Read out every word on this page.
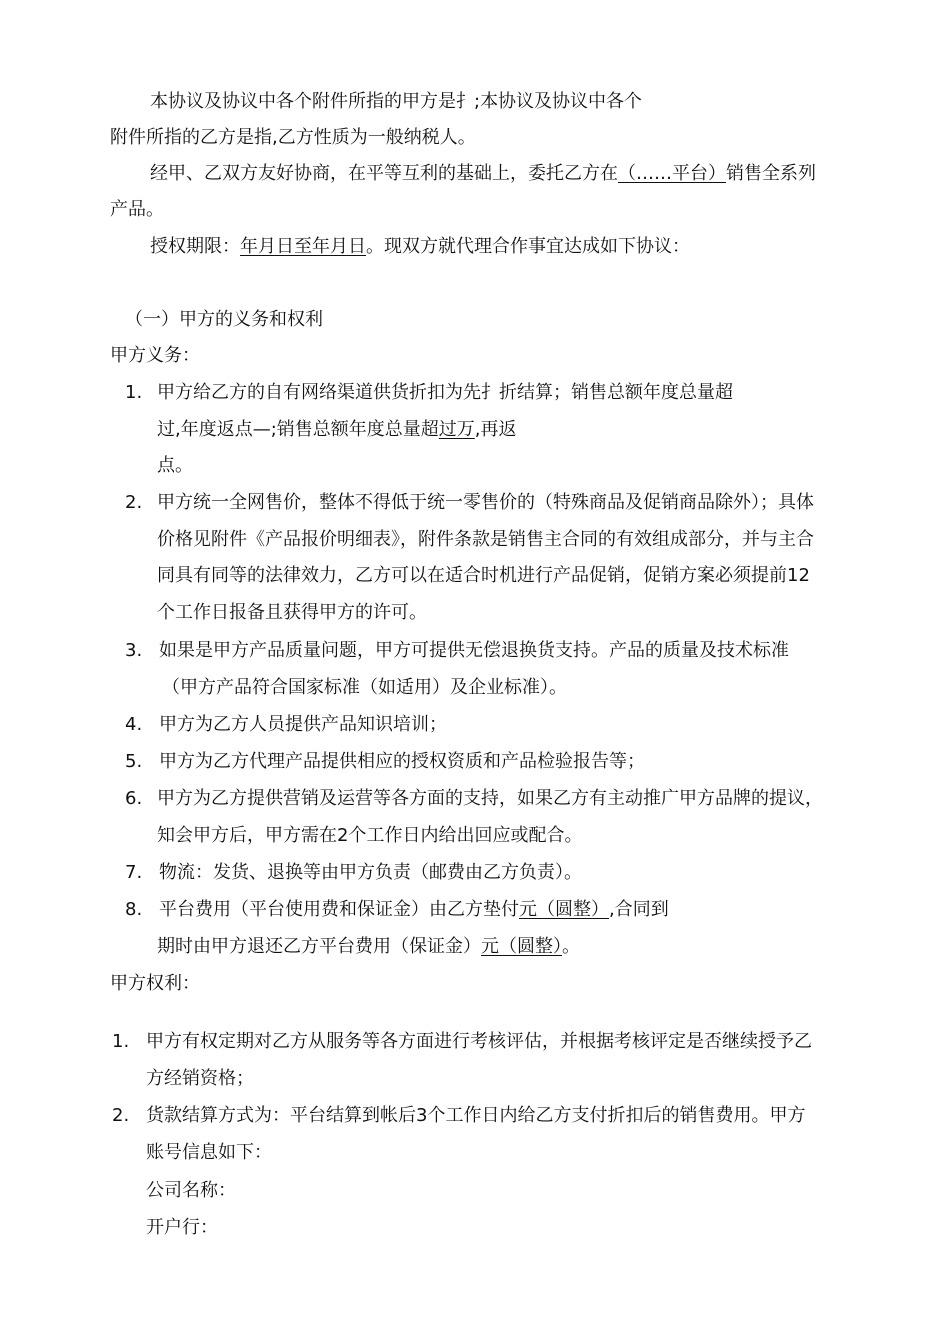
本协议及协议中各个附件所指的甲方是扌;本协议及协议中各个
附件所指的乙方是指,乙方性质为一般纳税人。
经甲、乙双方友好协商，在平等互利的基础上，委托乙方在（……平台）销售全系列
产品。
授权期限：年月日至年月日。现双方就代理合作事宜达成如下协议：
（一）甲方的义务和权利
甲方义务：
1. 甲方给乙方的自有网络渠道供货折扣为先扌折结算；销售总额年度总量超
过,年度返点—;销售总额年度总量超过万,再返
点。
2. 甲方统一全网售价，整体不得低于统一零售价的（特殊商品及促销商品除外）；具体
价格见附件《产品报价明细表》，附件条款是销售主合同的有效组成部分，并与主合
同具有同等的法律效力，乙方可以在适合时机进行产品促销，促销方案必须提前12
个工作日报备且获得甲方的许可。
3. 如果是甲方产品质量问题，甲方可提供无偿退换货支持。产品的质量及技术标准
（甲方产品符合国家标准（如适用）及企业标准）。
4. 甲方为乙方人员提供产品知识培训；
5. 甲方为乙方代理产品提供相应的授权资质和产品检验报告等；
6. 甲方为乙方提供营销及运营等各方面的支持，如果乙方有主动推广甲方品牌的提议，
知会甲方后，甲方需在2个工作日内给出回应或配合。
7. 物流：发货、退换等由甲方负责（邮费由乙方负责）。
8. 平台费用（平台使用费和保证金）由乙方垫付元（圆整）,合同到
期时由甲方退还乙方平台费用（保证金）元（圆整）。
甲方权利：
1. 甲方有权定期对乙方从服务等各方面进行考核评估，并根据考核评定是否继续授予乙
方经销资格；
2. 货款结算方式为：平台结算到帐后3个工作日内给乙方支付折扣后的销售费用。甲方
账号信息如下：
公司名称：
开户行：
